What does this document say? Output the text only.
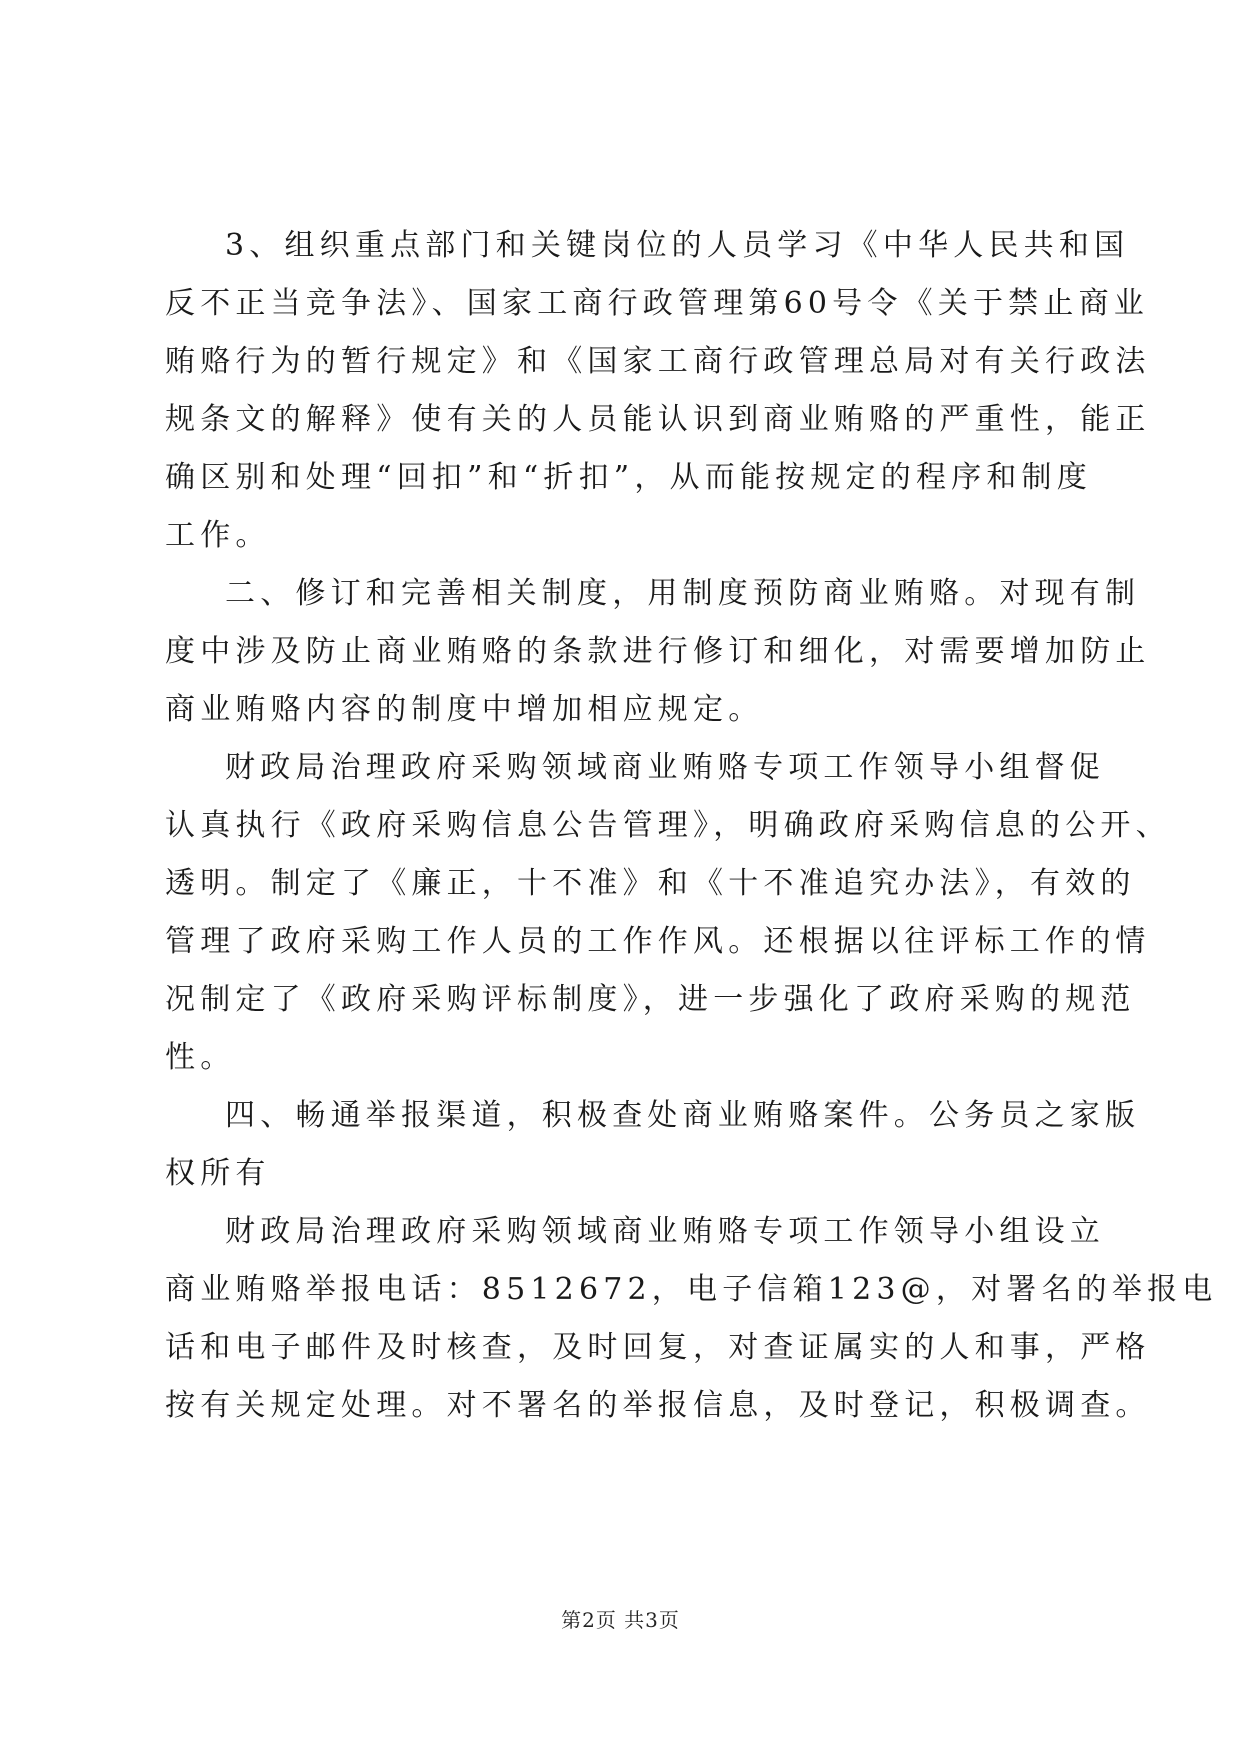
3、组织重点部门和关键岗位的人员学习《中华人民共和国
反不正当竞争法》、国家工商行政管理第60号令《关于禁止商业
贿赂行为的暂行规定》和《国家工商行政管理总局对有关行政法
规条文的解释》使有关的人员能认识到商业贿赂的严重性，能正
确区别和处理“回扣”和“折扣”，从而能按规定的程序和制度
工作。
二、修订和完善相关制度，用制度预防商业贿赂。对现有制
度中涉及防止商业贿赂的条款进行修订和细化，对需要增加防止
商业贿赂内容的制度中增加相应规定。
财政局治理政府采购领域商业贿赂专项工作领导小组督促
认真执行《政府采购信息公告管理》，明确政府采购信息的公开、
透明。制定了《廉正，十不准》和《十不准追究办法》，有效的
管理了政府采购工作人员的工作作风。还根据以往评标工作的情
况制定了《政府采购评标制度》，进一步强化了政府采购的规范
性。
四、畅通举报渠道，积极查处商业贿赂案件。公务员之家版
权所有
财政局治理政府采购领域商业贿赂专项工作领导小组设立
商业贿赂举报电话：8512672，电子信箱123@，对署名的举报电
话和电子邮件及时核查，及时回复，对查证属实的人和事，严格
按有关规定处理。对不署名的举报信息，及时登记，积极调查。
第2页 共3页
